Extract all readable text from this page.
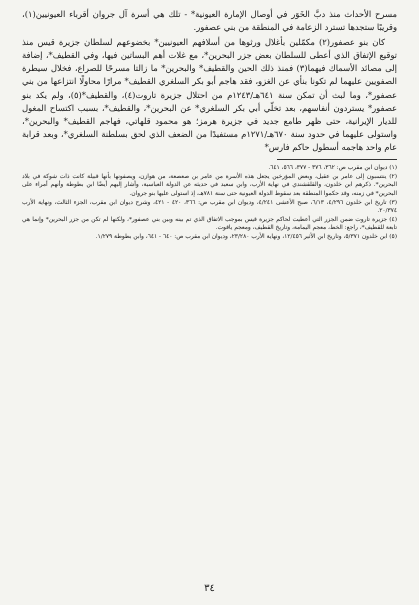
مسرح الأحداث منذ دبَّ الخَوَر في أوصال الإمارة العيونية* - تلك هي أسرة آل جروان أقرباء العيونيين(١)، وقريبًا ستجدها تسترد الزعامة في المنطقة من بني عصفور.

كان بنو عصفور(٢) مكمّلين بأغلال ورثوها من أسلافهم العيونيين* بخضوعهم لسلطان جزيرة قيس منذ توقيع الإتفاق الذي أعطى للسلطان بعض جزر البحرين*، مع غلات أهم البساتين فيها، وفي القطيف*، إضافة إلى مصائد الأسماك فيهما(٣) فمنذ ذلك الحين والقطيف* والبحرين* ما زالتا مسرحًا للصراع، فخلال سيطرة الصفويين عليهما لم تكونا بنأي عن الغزو، فقد هاجم أبو بكر السلغري القطيف* مرارًا محاولًا انتزاعها من بني عصفور*، وما لبث أن تمكن سنة ٦٤١هـ/١٢٤٣م من احتلال جزيرة تاروت(٤)، والقطيف*(٥)، ولم يكد بنو عصفور* يستردون أنفاسهم، بعد تخلّي أبي بكر السلغري* عن البحرين*، والقطيف*، بسبب اكتساح المغول للديار الإيرانية، حتى ظهر طامع جديد في جزيرة هرمز؛ هو محمود قلهاتي، فهاجم القطيف* والبحرين*، واستولى عليهما في حدود سنة ٦٧٠هـ/١٢٧١م مستفيدًا من الضعف الذي لحق بسلطنة السلغري*، وبعد قرابة عام واحد هاجمه أسطول حاكم فارس*

(١) ديوان ابن مقرب ص: ٣٦٢، ٣٧٦ - ٣٧٧، ٥٦٦، ٦٤١.

(٢) ينتسبون إلى عامر بن عقيل، وبعض المؤرخين يجعل هذه الأسرة من عامر بن صعصعة، من هوازن، ويصفونها بأنها قبيلة كانت ذات شوكة في بلاد البحرين*. ذكرهم ابن خلدون، والقلقشندي في نهاية الأرب، وابن سعيد في حديثه عن الدولة العباسية، وأشار إليهم أيضًا ابن بطوطة وأنهم أمراء على البحرين* في زمنه، وقد حكموا المنطقة بعد سقوط الدولة العيونية حتى سنة ٧٨١هـ، إذ استولى عليها بنو جروان.

(٣) تاريخ ابن خلدون ٤/٢٩٦، ٦/١٣، صبح الأعشى ٤/٢٤١، وديوان ابن مقرب ص: ٣٦٦، ٤٢٠ - ٤٢١، وشرح ديوان ابن مقرب، الجزء الثالث، ونهاية الأرب ٢٠/٣٧٤.

(٤) جزيرة تاروت ضمن الجزر التي أعطيت لحاكم جزيرة قيس بموجب الاتفاق الذي تم بينه وبين بني عصفور*، ولكنها لم تكن من جزر البحرين* وإنما هي تابعة للقطيف*، راجع: الخط، معجم اليمامة، وتاريخ القطيف، ومعجم ياقوت.

(٥) ابن خلدون ٥/٣٧١، وتاريخ ابن الأثير ١٢/٤٥٦، ونهاية الأرب ٢٣/٢٨٠، وديوان ابن مقرب ص: ٦٤٠ - ٦٤١، وابن بطوطة ١/٢٧٩.

٣٤
